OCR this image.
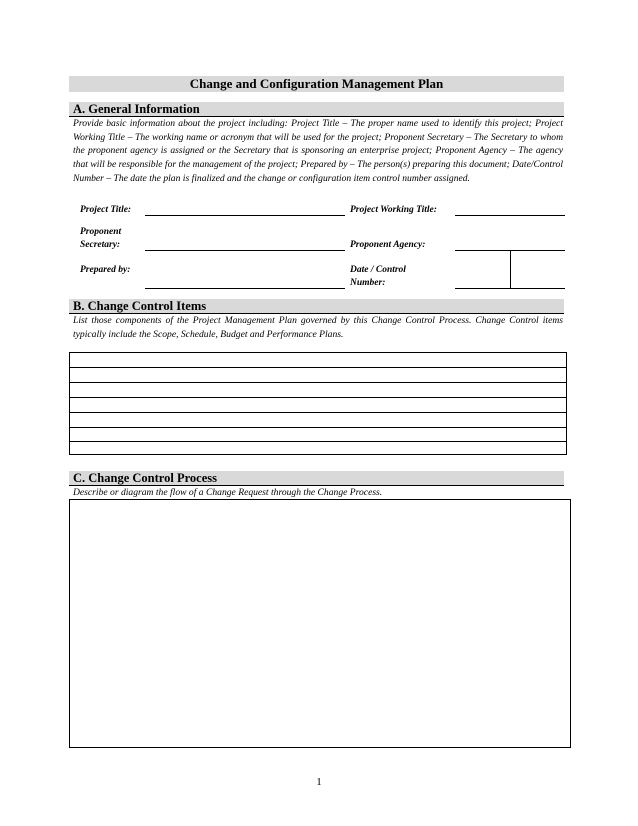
Change and Configuration Management Plan
A. General Information
Provide basic information about the project including: Project Title – The proper name used to identify this project; Project Working Title – The working name or acronym that will be used for the project; Proponent Secretary – The Secretary to whom the proponent agency is assigned or the Secretary that is sponsoring an enterprise project; Proponent Agency – The agency that will be responsible for the management of the project; Prepared by – The person(s) preparing this document; Date/Control Number – The date the plan is finalized and the change or configuration item control number assigned.
Project Title:	Project Working Title:
Proponent
Secretary:	Proponent Agency:
Prepared by:	Date / Control
Number:
B. Change Control Items
List those components of the Project Management Plan governed by this Change Control Process. Change Control items typically include the Scope, Schedule, Budget and Performance Plans.
C. Change Control Process
Describe or diagram the flow of a Change Request through the Change Process.
1
